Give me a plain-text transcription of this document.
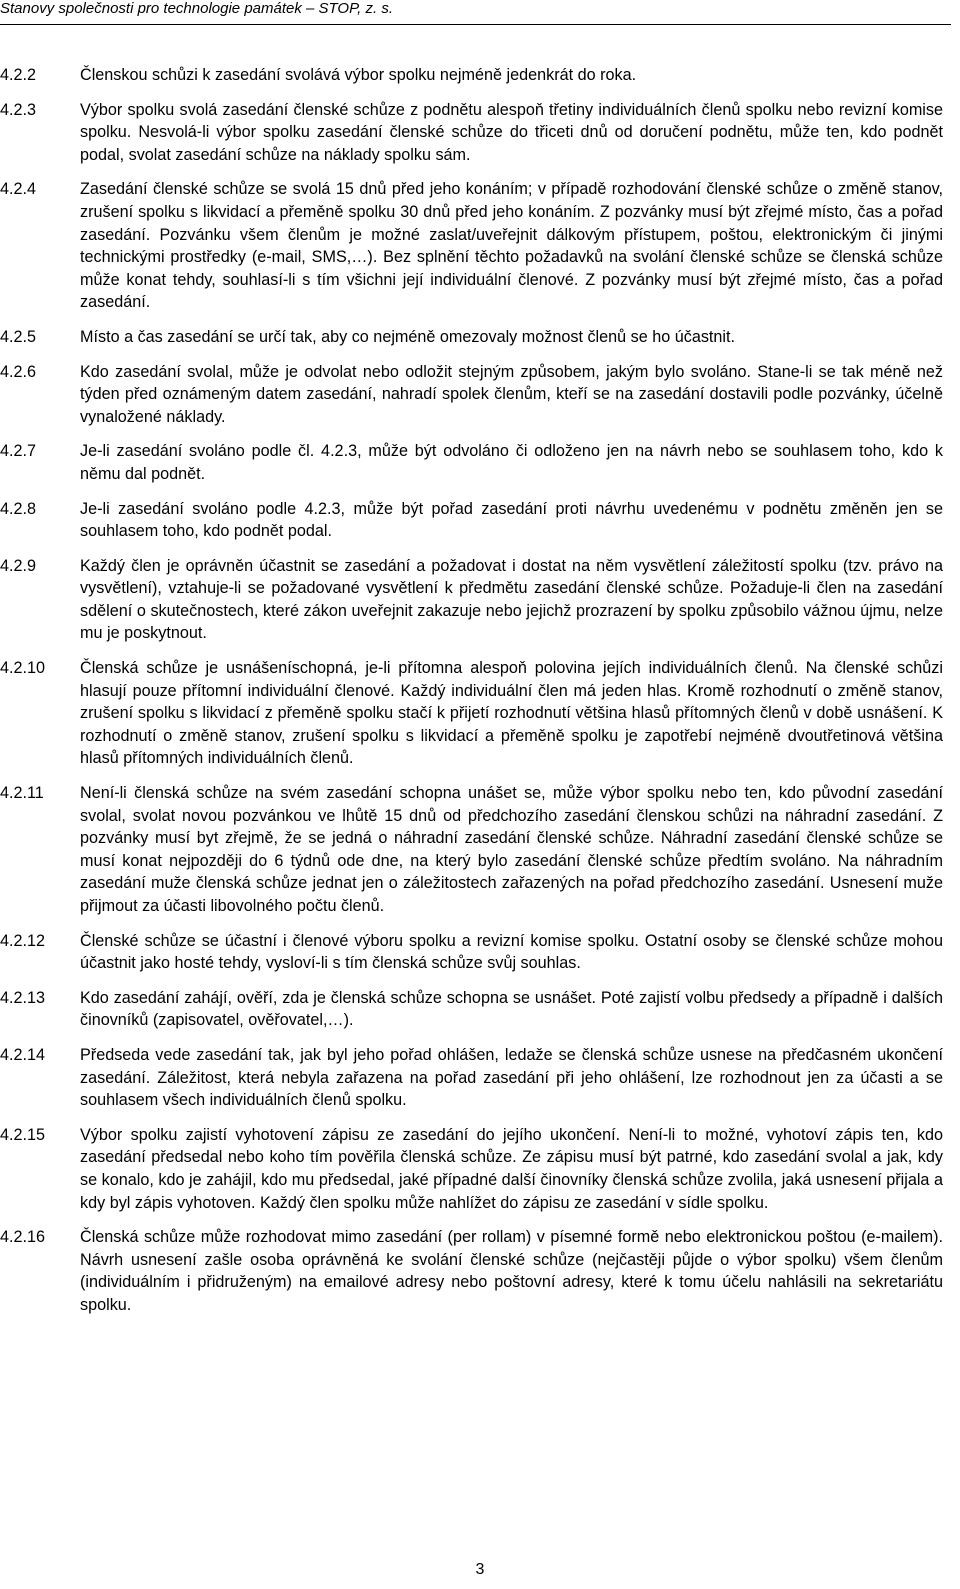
Stanovy společnosti pro technologie památek – STOP, z. s.
4.2.2	Členskou schůzi k zasedání svolává výbor spolku nejméně jedenkrát do roka.

4.2.3	Výbor spolku svolá zasedání členské schůze z podnětu alespoň třetiny individuálních členů spolku nebo revizní komise spolku. Nesvolá-li výbor spolku zasedání členské schůze do třiceti dnů od doručení podnětu, může ten, kdo podnět podal, svolat zasedání schůze na náklady spolku sám.

4.2.4	Zasedání členské schůze se svolá 15 dnů před jeho konáním; v případě rozhodování členské schůze o změně stanov, zrušení spolku s likvidací a přeměně spolku 30 dnů před jeho konáním. Z pozvánky musí být zřejmé místo, čas a pořad zasedání. Pozvánku všem členům je možné zaslat/uveřejnit dálkovým přístupem, poštou, elektronickým či jinými technickými prostředky (e-mail, SMS,…). Bez splnění těchto požadavků na svolání členské schůze se členská schůze může konat tehdy, souhlasí-li s tím všichni její individuální členové. Z pozvánky musí být zřejmé místo, čas a pořad zasedání.

4.2.5	Místo a čas zasedání se určí tak, aby co nejméně omezovaly možnost členů se ho účastnit.

4.2.6	Kdo zasedání svolal, může je odvolat nebo odložit stejným způsobem, jakým bylo svoláno. Stane-li se tak méně než týden před oznámeným datem zasedání, nahradí spolek členům, kteří se na zasedání dostavili podle pozvánky, účelně vynaložené náklady.

4.2.7	Je-li zasedání svoláno podle čl. 4.2.3, může být odvoláno či odloženo jen na návrh nebo se souhlasem toho, kdo k němu dal podnět.

4.2.8	Je-li zasedání svoláno podle 4.2.3, může být pořad zasedání proti návrhu uvedenému v podnětu změněn jen se souhlasem toho, kdo podnět podal.

4.2.9	Každý člen je oprávněn účastnit se zasedání a požadovat i dostat na něm vysvětlení záležitostí spolku (tzv. právo na vysvětlení), vztahuje-li se požadované vysvětlení k předmětu zasedání členské schůze. Požaduje-li člen na zasedání sdělení o skutečnostech, které zákon uveřejnit zakazuje nebo jejichž prozrazení by spolku způsobilo vážnou újmu, nelze mu je poskytnout.

4.2.10	Členská schůze je usnášeníschopná, je-li přítomna alespoň polovina jejích individuálních členů. Na členské schůzi hlasují pouze přítomní individuální členové. Každý individuální člen má jeden hlas. Kromě rozhodnutí o změně stanov, zrušení spolku s likvidací z přeměně spolku stačí k přijetí rozhodnutí většina hlasů přítomných členů v době usnášení. K rozhodnutí o změně stanov, zrušení spolku s likvidací a přeměně spolku je zapotřebí nejméně dvoutřetinová většina hlasů přítomných individuálních členů.

4.2.11	Není-li členská schůze na svém zasedání schopna unášet se, může výbor spolku nebo ten, kdo původní zasedání svolal, svolat novou pozvánkou ve lhůtě 15 dnů od předchozího zasedání členskou schůzi na náhradní zasedání. Z pozvánky musí byt zřejmě, že se jedná o náhradní zasedání členské schůze. Náhradní zasedání členské schůze se musí konat nejpozději do 6 týdnů ode dne, na který bylo zasedání členské schůze předtím svoláno. Na náhradním zasedání muže členská schůze jednat jen o záležitostech zařazených na pořad předchozího zasedání. Usnesení muže přijmout za účasti libovolného počtu členů.

4.2.12	Členské schůze se účastní i členové výboru spolku a revizní komise spolku. Ostatní osoby se členské schůze mohou účastnit jako hosté tehdy, vysloví-li s tím členská schůze svůj souhlas.

4.2.13	Kdo zasedání zahájí, ověří, zda je členská schůze schopna se usnášet. Poté zajistí volbu předsedy a případně i dalších činovníků (zapisovatel, ověřovatel,…).

4.2.14	Předseda vede zasedání tak, jak byl jeho pořad ohlášen, ledaže se členská schůze usnese na předčasném ukončení zasedání. Záležitost, která nebyla zařazena na pořad zasedání při jeho ohlášení, lze rozhodnout jen za účasti a se souhlasem všech individuálních členů spolku.

4.2.15	Výbor spolku zajistí vyhotovení zápisu ze zasedání do jejího ukončení. Není-li to možné, vyhotoví zápis ten, kdo zasedání předsedal nebo koho tím pověřila členská schůze. Ze zápisu musí být patrné, kdo zasedání svolal a jak, kdy se konalo, kdo je zahájil, kdo mu předsedal, jaké případné další činovníky členská schůze zvolila, jaká usnesení přijala a kdy byl zápis vyhotoven. Každý člen spolku může nahlížet do zápisu ze zasedání v sídle spolku.

4.2.16	Členská schůze může rozhodovat mimo zasedání (per rollam) v písemné formě nebo elektronickou poštou (e-mailem). Návrh usnesení zašle osoba oprávněná ke svolání členské schůze (nejčastěji půjde o výbor spolku) všem členům (individuálním i přidruženým) na emailové adresy nebo poštovní adresy, které k tomu účelu nahlásili na sekretariátu spolku.

3
